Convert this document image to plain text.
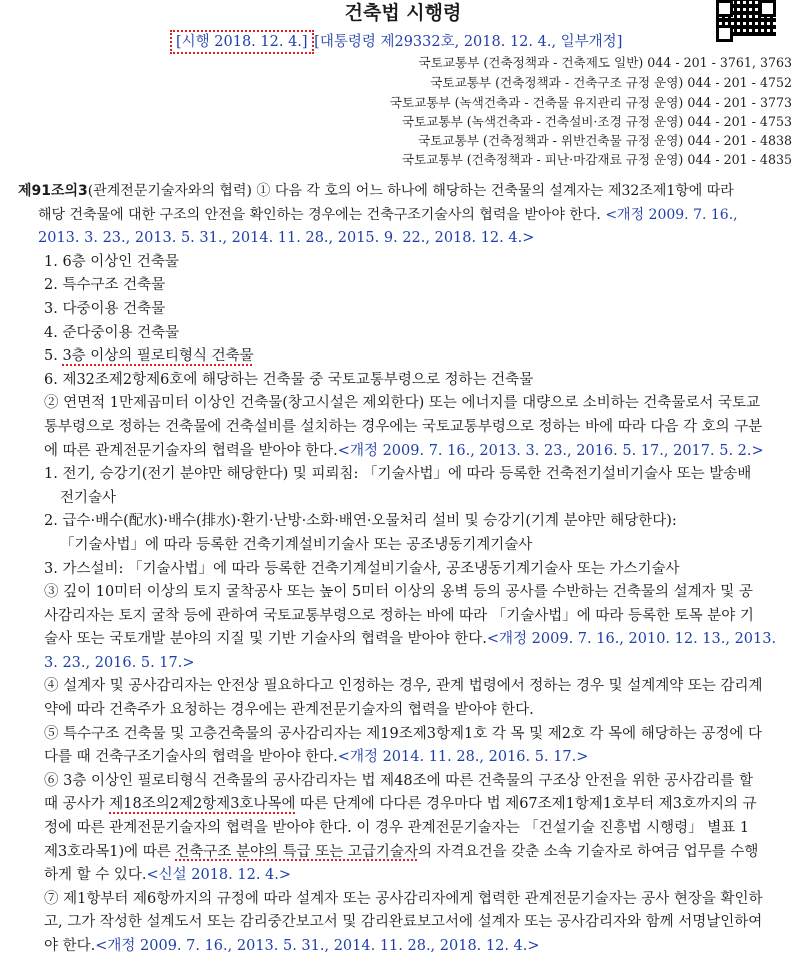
건축법 시행령
[시행 2018. 12. 4.] [대통령령 제29332호, 2018. 12. 4., 일부개정]
국토교통부 (건축정책과 - 건축제도 일반) 044 - 201 - 3761, 3763
국토교통부 (건축정책과 - 건축구조 규정 운영) 044 - 201 - 4752
국토교통부 (녹색건축과 - 건축물 유지관리 규정 운영) 044 - 201 - 3773
국토교통부 (녹색건축과 - 건축설비·조경 규정 운영) 044 - 201 - 4753
국토교통부 (건축정책과 - 위반건축물 규정 운영) 044 - 201 - 4838
국토교통부 (건축정책과 - 피난·마감재료 규정 운영) 044 - 201 - 4835
제91조의3(관계전문기술자와의 협력) ① 다음 각 호의 어느 하나에 해당하는 건축물의 설계자는 제32조제1항에 따라
해당 건축물에 대한 구조의 안전을 확인하는 경우에는 건축구조기술사의 협력을 받아야 한다. <개정 2009. 7. 16.,
2013. 3. 23., 2013. 5. 31., 2014. 11. 28., 2015. 9. 22., 2018. 12. 4.>
1. 6층 이상인 건축물
2. 특수구조 건축물
3. 다중이용 건축물
4. 준다중이용 건축물
5. 3층 이상의 필로티형식 건축물
6. 제32조제2항제6호에 해당하는 건축물 중 국토교통부령으로 정하는 건축물
② 연면적 1만제곱미터 이상인 건축물(창고시설은 제외한다) 또는 에너지를 대량으로 소비하는 건축물로서 국토교
통부령으로 정하는 건축물에 건축설비를 설치하는 경우에는 국토교통부령으로 정하는 바에 따라 다음 각 호의 구분
에 따른 관계전문기술자의 협력을 받아야 한다.<개정 2009. 7. 16., 2013. 3. 23., 2016. 5. 17., 2017. 5. 2.>
1. 전기, 승강기(전기 분야만 해당한다) 및 피뢰침: 「기술사법」에 따라 등록한 건축전기설비기술사 또는 발송배
전기술사
2. 급수·배수(配水)·배수(排水)·환기·난방·소화·배연·오물처리 설비 및 승강기(기계 분야만 해당한다):
「기술사법」에 따라 등록한 건축기계설비기술사 또는 공조냉동기계기술사
3. 가스설비: 「기술사법」에 따라 등록한 건축기계설비기술사, 공조냉동기계기술사 또는 가스기술사
③ 깊이 10미터 이상의 토지 굴착공사 또는 높이 5미터 이상의 옹벽 등의 공사를 수반하는 건축물의 설계자 및 공
사감리자는 토지 굴착 등에 관하여 국토교통부령으로 정하는 바에 따라 「기술사법」에 따라 등록한 토목 분야 기
술사 또는 국토개발 분야의 지질 및 기반 기술사의 협력을 받아야 한다.<개정 2009. 7. 16., 2010. 12. 13., 2013.
3. 23., 2016. 5. 17.>
④ 설계자 및 공사감리자는 안전상 필요하다고 인정하는 경우, 관계 법령에서 정하는 경우 및 설계계약 또는 감리계
약에 따라 건축주가 요청하는 경우에는 관계전문기술자의 협력을 받아야 한다.
⑤ 특수구조 건축물 및 고층건축물의 공사감리자는 제19조제3항제1호 각 목 및 제2호 각 목에 해당하는 공정에 다
다를 때 건축구조기술사의 협력을 받아야 한다.<개정 2014. 11. 28., 2016. 5. 17.>
⑥ 3층 이상인 필로티형식 건축물의 공사감리자는 법 제48조에 따른 건축물의 구조상 안전을 위한 공사감리를 할
때 공사가 제18조의2제2항제3호나목에 따른 단계에 다다른 경우마다 법 제67조제1항제1호부터 제3호까지의 규
정에 따른 관계전문기술자의 협력을 받아야 한다. 이 경우 관계전문기술자는 「건설기술 진흥법 시행령」 별표 1
제3호라목1)에 따른 건축구조 분야의 특급 또는 고급기술자의 자격요건을 갖춘 소속 기술자로 하여금 업무를 수행
하게 할 수 있다.<신설 2018. 12. 4.>
⑦ 제1항부터 제6항까지의 규정에 따라 설계자 또는 공사감리자에게 협력한 관계전문기술자는 공사 현장을 확인하
고, 그가 작성한 설계도서 또는 감리중간보고서 및 감리완료보고서에 설계자 또는 공사감리자와 함께 서명날인하여
야 한다.<개정 2009. 7. 16., 2013. 5. 31., 2014. 11. 28., 2018. 12. 4.>
